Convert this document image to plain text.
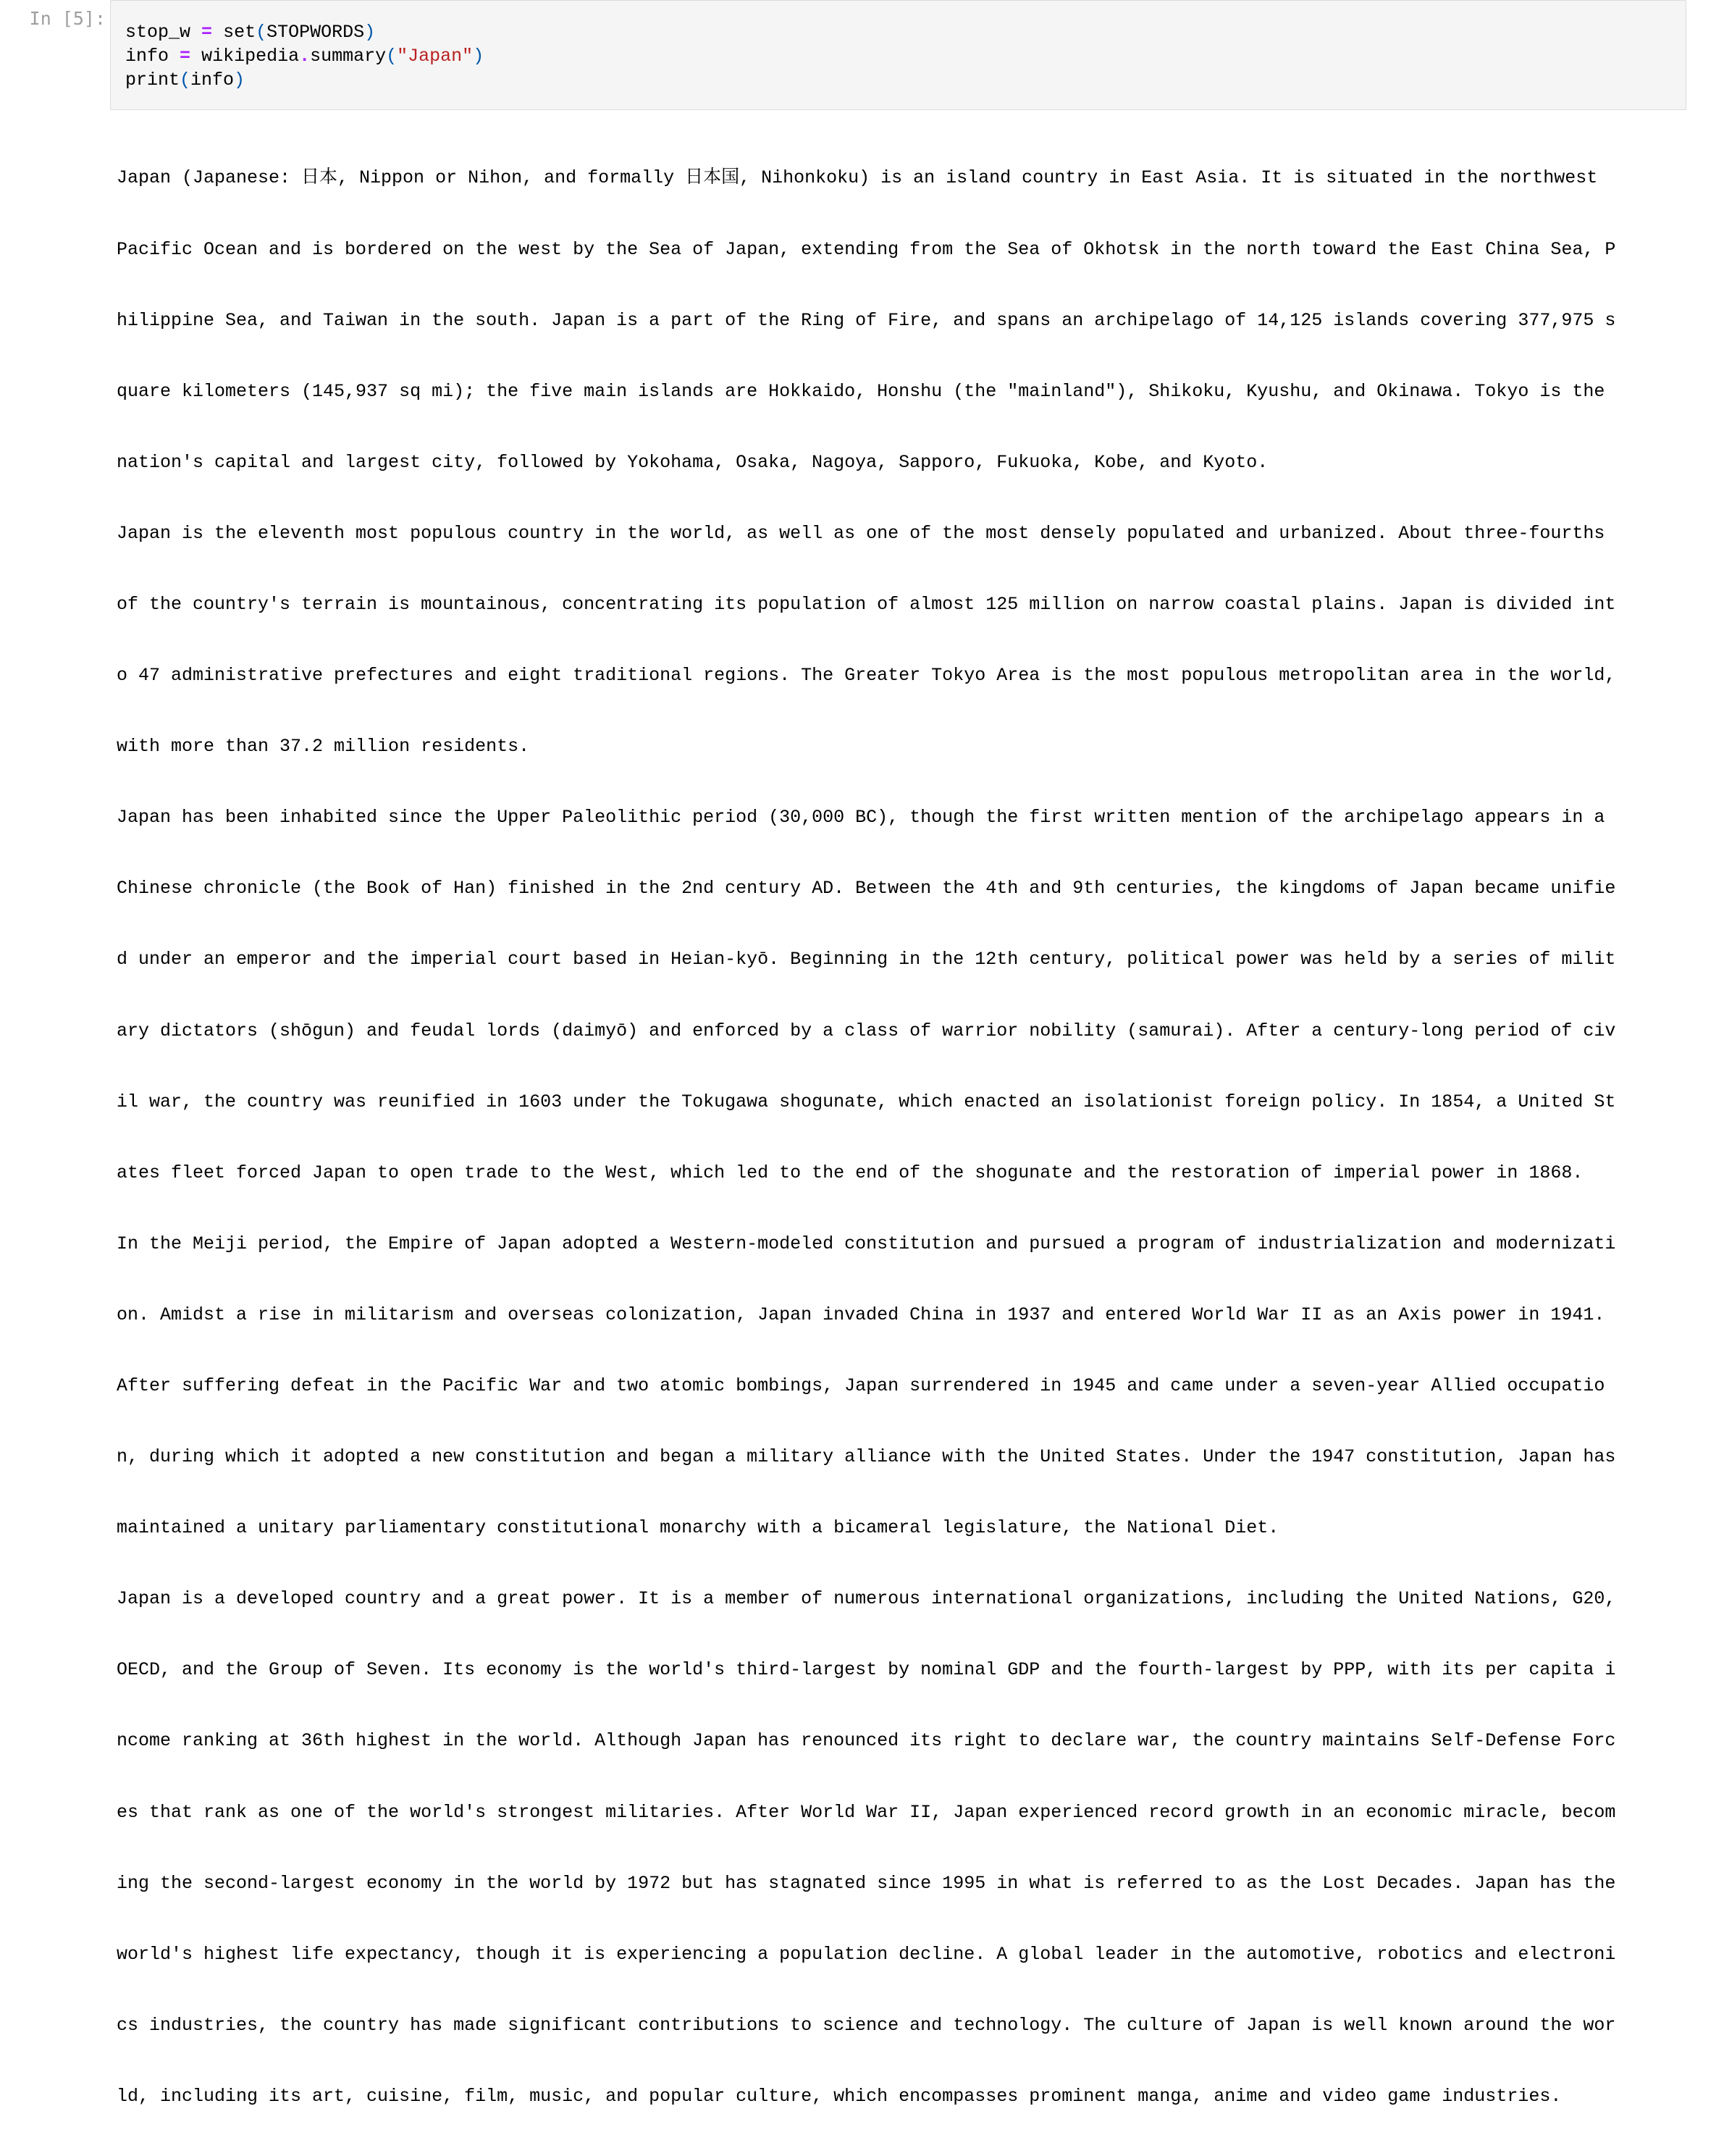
In [5]:
stop_w = set(STOPWORDS)
info = wikipedia.summary("Japan")
print(info)

Japan (Japanese: 日本, Nippon or Nihon, and formally 日本国, Nihonkoku) is an island country in East Asia. It is situated in the northwest

Pacific Ocean and is bordered on the west by the Sea of Japan, extending from the Sea of Okhotsk in the north toward the East China Sea, P

hilippine Sea, and Taiwan in the south. Japan is a part of the Ring of Fire, and spans an archipelago of 14,125 islands covering 377,975 s

quare kilometers (145,937 sq mi); the five main islands are Hokkaido, Honshu (the "mainland"), Shikoku, Kyushu, and Okinawa. Tokyo is the

nation's capital and largest city, followed by Yokohama, Osaka, Nagoya, Sapporo, Fukuoka, Kobe, and Kyoto.

Japan is the eleventh most populous country in the world, as well as one of the most densely populated and urbanized. About three-fourths

of the country's terrain is mountainous, concentrating its population of almost 125 million on narrow coastal plains. Japan is divided int

o 47 administrative prefectures and eight traditional regions. The Greater Tokyo Area is the most populous metropolitan area in the world,

with more than 37.2 million residents.

Japan has been inhabited since the Upper Paleolithic period (30,000 BC), though the first written mention of the archipelago appears in a

Chinese chronicle (the Book of Han) finished in the 2nd century AD. Between the 4th and 9th centuries, the kingdoms of Japan became unifie

d under an emperor and the imperial court based in Heian-kyō. Beginning in the 12th century, political power was held by a series of milit

ary dictators (shōgun) and feudal lords (daimyō) and enforced by a class of warrior nobility (samurai). After a century-long period of civ

il war, the country was reunified in 1603 under the Tokugawa shogunate, which enacted an isolationist foreign policy. In 1854, a United St

ates fleet forced Japan to open trade to the West, which led to the end of the shogunate and the restoration of imperial power in 1868.

In the Meiji period, the Empire of Japan adopted a Western-modeled constitution and pursued a program of industrialization and modernizati

on. Amidst a rise in militarism and overseas colonization, Japan invaded China in 1937 and entered World War II as an Axis power in 1941.

After suffering defeat in the Pacific War and two atomic bombings, Japan surrendered in 1945 and came under a seven-year Allied occupatio

n, during which it adopted a new constitution and began a military alliance with the United States. Under the 1947 constitution, Japan has

maintained a unitary parliamentary constitutional monarchy with a bicameral legislature, the National Diet.

Japan is a developed country and a great power. It is a member of numerous international organizations, including the United Nations, G20,

OECD, and the Group of Seven. Its economy is the world's third-largest by nominal GDP and the fourth-largest by PPP, with its per capita i

ncome ranking at 36th highest in the world. Although Japan has renounced its right to declare war, the country maintains Self-Defense Forc

es that rank as one of the world's strongest militaries. After World War II, Japan experienced record growth in an economic miracle, becom

ing the second-largest economy in the world by 1972 but has stagnated since 1995 in what is referred to as the Lost Decades. Japan has the

world's highest life expectancy, though it is experiencing a population decline. A global leader in the automotive, robotics and electroni

cs industries, the country has made significant contributions to science and technology. The culture of Japan is well known around the wor

ld, including its art, cuisine, film, music, and popular culture, which encompasses prominent manga, anime and video game industries.
